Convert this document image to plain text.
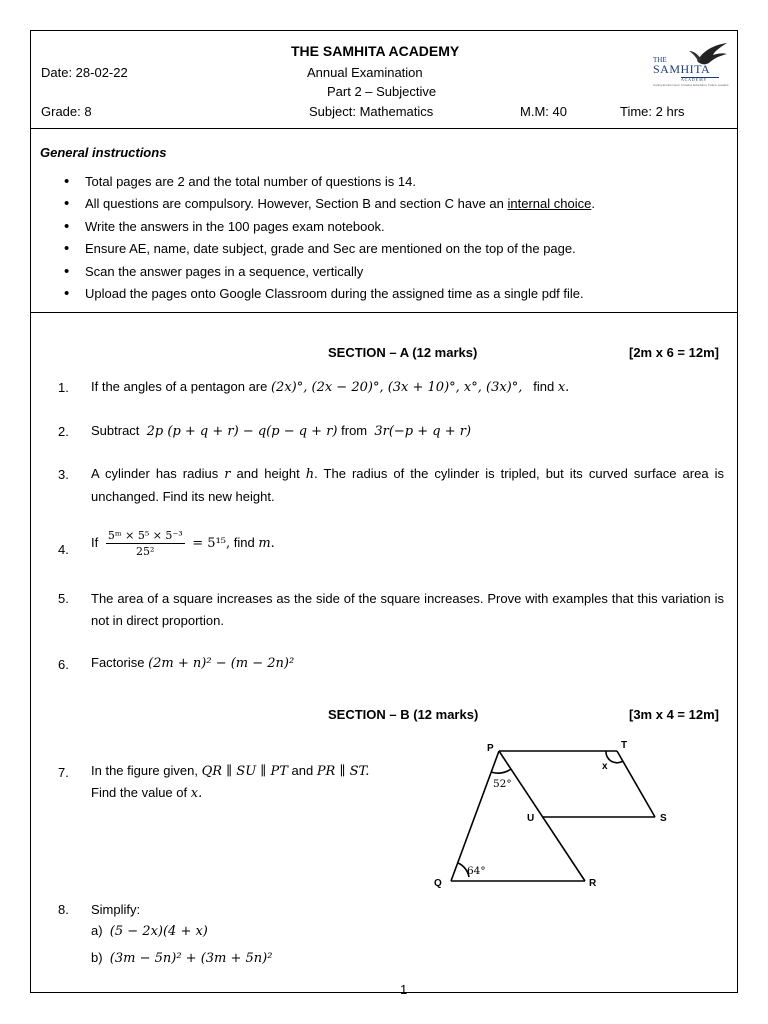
THE SAMHITA ACADEMY
Date: 28-02-22	Annual Examination
Part 2 – Subjective
Grade: 8	Subject: Mathematics	M.M: 40	Time: 2 hrs
THE
SAMHITA
A C A D E M Y
Caring Environment, Creative Education, Future Leaders
General instructions
• Total pages are 2 and the total number of questions is 14.
• All questions are compulsory. However, Section B and section C have an internal choice.
• Write the answers in the 100 pages exam notebook.
• Ensure AE, name, date subject, grade and Sec are mentioned on the top of the page.
• Scan the answer pages in a sequence, vertically
• Upload the pages onto Google Classroom during the assigned time as a single pdf file.
SECTION – A (12 marks)	[2m x 6 = 12m]
1. If the angles of a pentagon are (2x)°, (2x − 20)°, (3x + 10)°, x°, (3x)°, find x.
2. Subtract 2p (p + q + r) − q(p − q + r) from 3r(−p + q + r)
3. A cylinder has radius r and height h. The radius of the cylinder is tripled, but its curved surface area is unchanged. Find its new height.
4. If $\frac{\text{5ᵐ × 5⁵ × 5⁻³}}{\text{25²}} = 5^{15}$, find m.
5. The area of a square increases as the side of the square increases. Prove with examples that this variation is not in direct proportion.
6. Factorise (2m + n)² − (m − 2n)²
SECTION – B (12 marks)	[3m x 4 = 12m]
7. In the figure given, QR ∥ SU ∥ PT and PR ∥ ST.
Find the value of x.
P	T
U	S
Q	R
x
52°
64°
8. Simplify:
a) (5 − 2x)(4 + x)
b) (3m − 5n)² + (3m + 5n)²
1
